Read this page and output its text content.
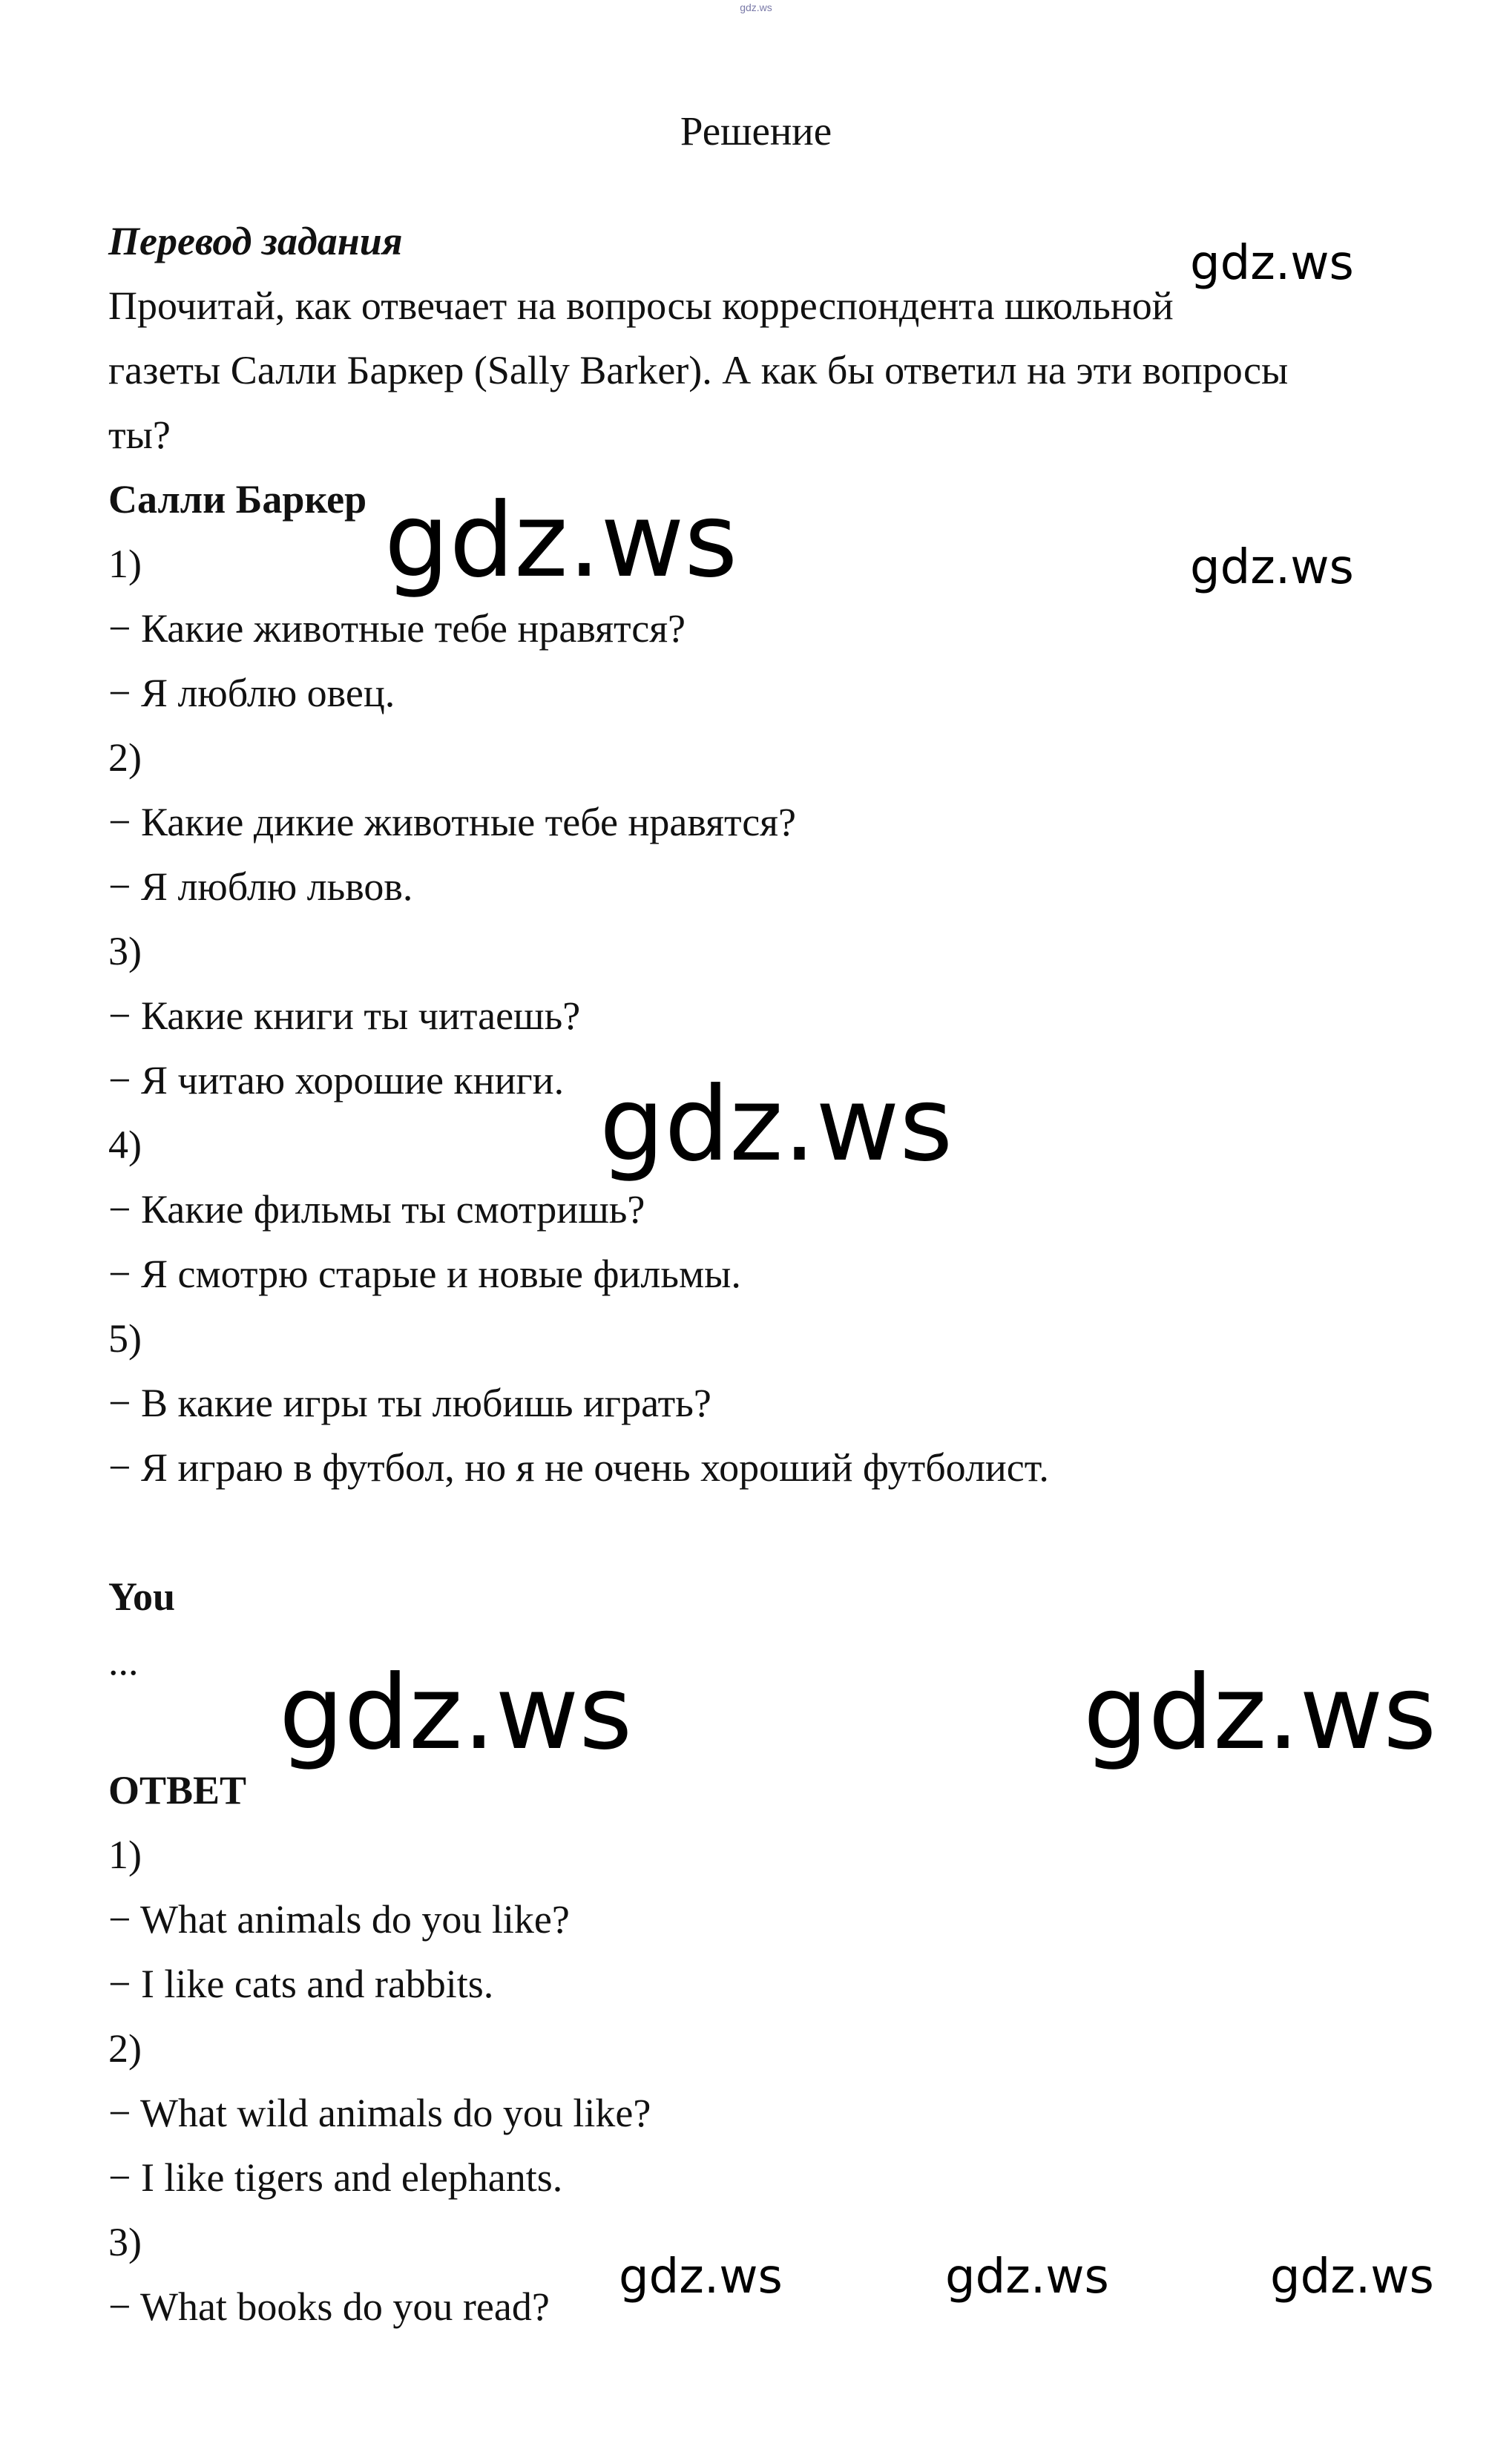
gdz.ws
Решение
Перевод задания
Прочитай, как отвечает на вопросы корреспондента школьной
газеты Салли Баркер (Sally Barker). А как бы ответил на эти вопросы
ты?
Салли Баркер
1)
− Какие животные тебе нравятся?
− Я люблю овец.
2)
− Какие дикие животные тебе нравятся?
− Я люблю львов.
3)
− Какие книги ты читаешь?
− Я читаю хорошие книги.
4)
− Какие фильмы ты смотришь?
− Я смотрю старые и новые фильмы.
5)
− В какие игры ты любишь играть?
− Я играю в футбол, но я не очень хороший футболист.
You
...
ОТВЕТ
1)
− What animals do you like?
− I like cats and rabbits.
2)
− What wild animals do you like?
− I like tigers and elephants.
3)
− What books do you read?
gdz.ws
gdz.ws	gdz.ws
gdz.ws
gdz.ws	gdz.ws
gdz.ws	gdz.ws	gdz.ws
